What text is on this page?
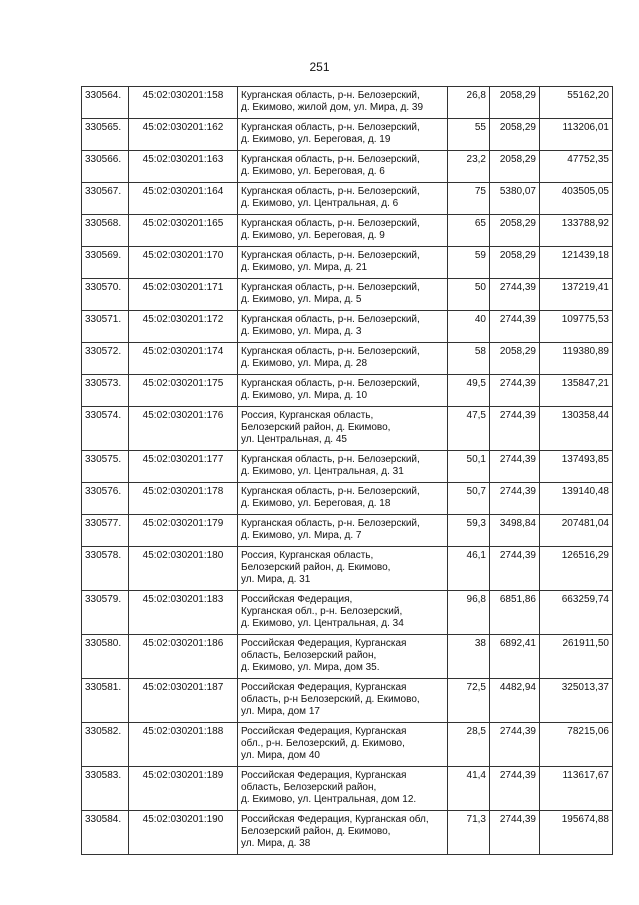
251
330564.	45:02:030201:158	Курганская область, р-н. Белозерский,
д. Екимово, жилой дом, ул. Мира, д. 39	26,8	2058,29	55162,20
330565.	45:02:030201:162	Курганская область, р-н. Белозерский,
д. Екимово, ул. Береговая, д. 19	55	2058,29	113206,01
330566.	45:02:030201:163	Курганская область, р-н. Белозерский,
д. Екимово, ул. Береговая, д. 6	23,2	2058,29	47752,35
330567.	45:02:030201:164	Курганская область, р-н. Белозерский,
д. Екимово, ул. Центральная, д. 6	75	5380,07	403505,05
330568.	45:02:030201:165	Курганская область, р-н. Белозерский,
д. Екимово, ул. Береговая, д. 9	65	2058,29	133788,92
330569.	45:02:030201:170	Курганская область, р-н. Белозерский,
д. Екимово, ул. Мира, д. 21	59	2058,29	121439,18
330570.	45:02:030201:171	Курганская область, р-н. Белозерский,
д. Екимово, ул. Мира, д. 5	50	2744,39	137219,41
330571.	45:02:030201:172	Курганская область, р-н. Белозерский,
д. Екимово, ул. Мира, д. 3	40	2744,39	109775,53
330572.	45:02:030201:174	Курганская область, р-н. Белозерский,
д. Екимово, ул. Мира, д. 28	58	2058,29	119380,89
330573.	45:02:030201:175	Курганская область, р-н. Белозерский,
д. Екимово, ул. Мира, д. 10	49,5	2744,39	135847,21
330574.	45:02:030201:176	Россия, Курганская область,
Белозерский район, д. Екимово,
ул. Центральная, д. 45	47,5	2744,39	130358,44
330575.	45:02:030201:177	Курганская область, р-н. Белозерский,
д. Екимово, ул. Центральная, д. 31	50,1	2744,39	137493,85
330576.	45:02:030201:178	Курганская область, р-н. Белозерский,
д. Екимово, ул. Береговая, д. 18	50,7	2744,39	139140,48
330577.	45:02:030201:179	Курганская область, р-н. Белозерский,
д. Екимово, ул. Мира, д. 7	59,3	3498,84	207481,04
330578.	45:02:030201:180	Россия, Курганская область,
Белозерский район, д. Екимово,
ул. Мира, д. 31	46,1	2744,39	126516,29
330579.	45:02:030201:183	Российская Федерация,
Курганская обл., р-н. Белозерский,
д. Екимово, ул. Центральная, д. 34	96,8	6851,86	663259,74
330580.	45:02:030201:186	Российская Федерация, Курганская
область, Белозерский район,
д. Екимово, ул. Мира, дом 35.	38	6892,41	261911,50
330581.	45:02:030201:187	Российская Федерация, Курганская
область, р-н Белозерский, д. Екимово,
ул. Мира, дом 17	72,5	4482,94	325013,37
330582.	45:02:030201:188	Российская Федерация, Курганская
обл., р-н. Белозерский, д. Екимово,
ул. Мира, дом 40	28,5	2744,39	78215,06
330583.	45:02:030201:189	Российская Федерация, Курганская
область, Белозерский район,
д. Екимово, ул. Центральная, дом 12.	41,4	2744,39	113617,67
330584.	45:02:030201:190	Российская Федерация, Курганская обл,
Белозерский район, д. Екимово,
ул. Мира, д. 38	71,3	2744,39	195674,88
